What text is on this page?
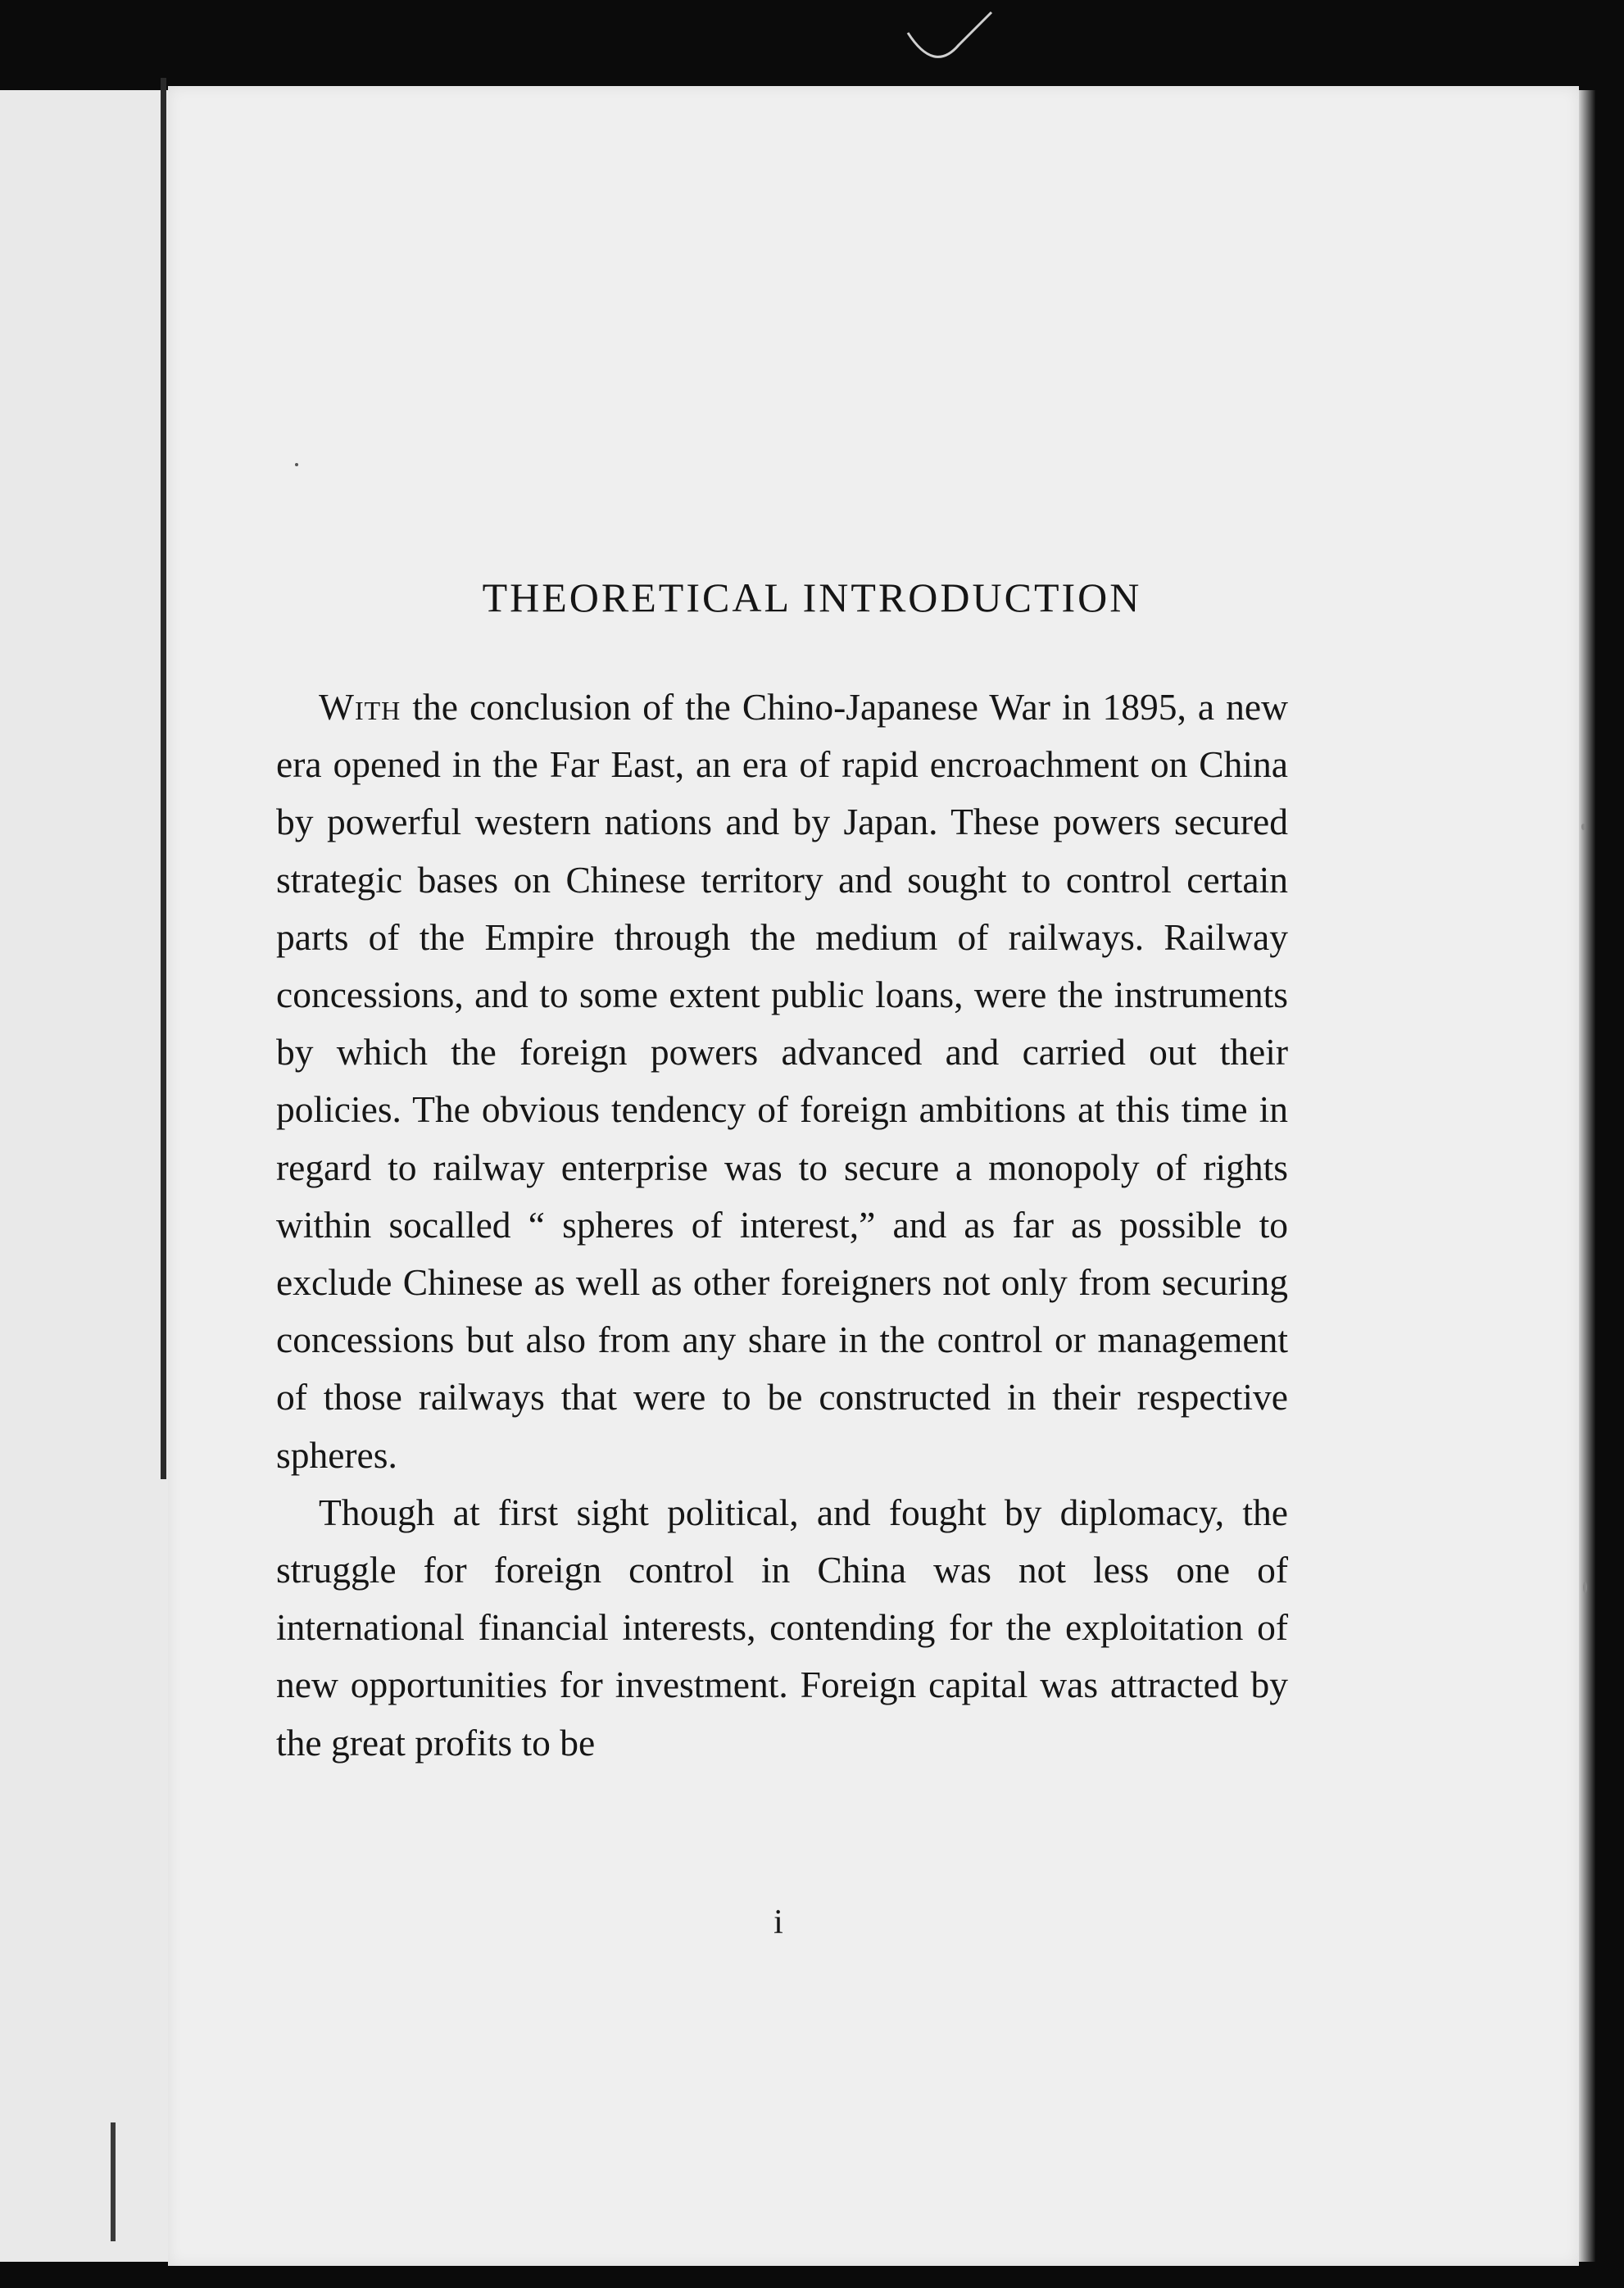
THEORETICAL INTRODUCTION

With the conclusion of the Chino-Japanese War in 1895, a new era opened in the Far East, an era of rapid encroachment on China by powerful western nations and by Japan. These powers secured strategic bases on Chinese territory and sought to control certain parts of the Empire through the medium of railways. Railway concessions, and to some extent public loans, were the instruments by which the foreign powers advanced and carried out their policies. The obvious tendency of foreign ambitions at this time in regard to railway enterprise was to secure a monopoly of rights within socalled “ spheres of interest,” and as far as possible to exclude Chinese as well as other foreigners not only from securing concessions but also from any share in the control or management of those railways that were to be constructed in their respective spheres.

Though at first sight political, and fought by diplomacy, the struggle for foreign control in China was not less one of international financial interests, contending for the exploitation of new opportunities for investment. Foreign capital was attracted by the great profits to be

i
